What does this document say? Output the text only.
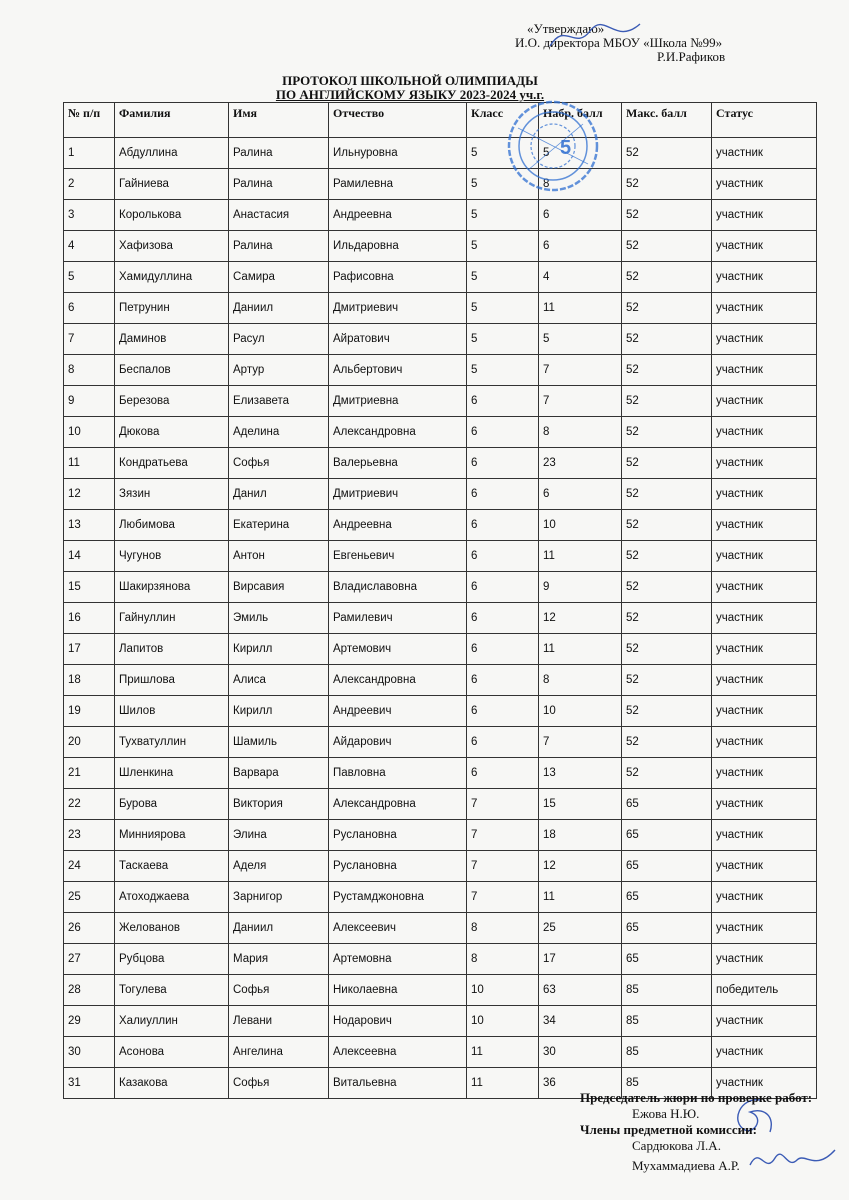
«Утверждаю»
И.О. директора МБОУ «Школа №99»
Р.И.Рафиков
ПРОТОКОЛ ШКОЛЬНОЙ ОЛИМПИАДЫ
ПО АНГЛИЙСКОМУ ЯЗЫКУ 2023-2024 уч.г.
№ п/п	Фамилия	Имя	Отчество	Класс	Набр. балл	Макс. балл	Статус
1	Абдуллина	Ралина	Ильнуровна	5	5	52	участник
2	Гайниева	Ралина	Рамилевна	5	8	52	участник
3	Королькова	Анастасия	Андреевна	5	6	52	участник
4	Хафизова	Ралина	Ильдаровна	5	6	52	участник
5	Хамидуллина	Самира	Рафисовна	5	4	52	участник
6	Петрунин	Даниил	Дмитриевич	5	11	52	участник
7	Даминов	Расул	Айратович	5	5	52	участник
8	Беспалов	Артур	Альбертович	5	7	52	участник
9	Березова	Елизавета	Дмитриевна	6	7	52	участник
10	Дюкова	Аделина	Александровна	6	8	52	участник
11	Кондратьева	Софья	Валерьевна	6	23	52	участник
12	Зязин	Данил	Дмитриевич	6	6	52	участник
13	Любимова	Екатерина	Андреевна	6	10	52	участник
14	Чугунов	Антон	Евгеньевич	6	11	52	участник
15	Шакирзянова	Вирсавия	Владиславовна	6	9	52	участник
16	Гайнуллин	Эмиль	Рамилевич	6	12	52	участник
17	Лапитов	Кирилл	Артемович	6	11	52	участник
18	Пришлова	Алиса	Александровна	6	8	52	участник
19	Шилов	Кирилл	Андреевич	6	10	52	участник
20	Тухватуллин	Шамиль	Айдарович	6	7	52	участник
21	Шленкина	Варвара	Павловна	6	13	52	участник
22	Бурова	Виктория	Александровна	7	15	65	участник
23	Минниярова	Элина	Руслановна	7	18	65	участник
24	Таскаева	Аделя	Руслановна	7	12	65	участник
25	Атоходжаева	Зарнигор	Рустамджоновна	7	11	65	участник
26	Желованов	Даниил	Алексеевич	8	25	65	участник
27	Рубцова	Мария	Артемовна	8	17	65	участник
28	Тогулева	Софья	Николаевна	10	63	85	победитель
29	Халиуллин	Левани	Нодарович	10	34	85	участник
30	Асонова	Ангелина	Алексеевна	11	30	85	участник
31	Казакова	Софья	Витальевна	11	36	85	участник
5
Председатель жюри по проверке работ:
Ежова Н.Ю.
Члены предметной комиссии:
Сардюкова Л.А.
Мухаммадиева А.Р.
